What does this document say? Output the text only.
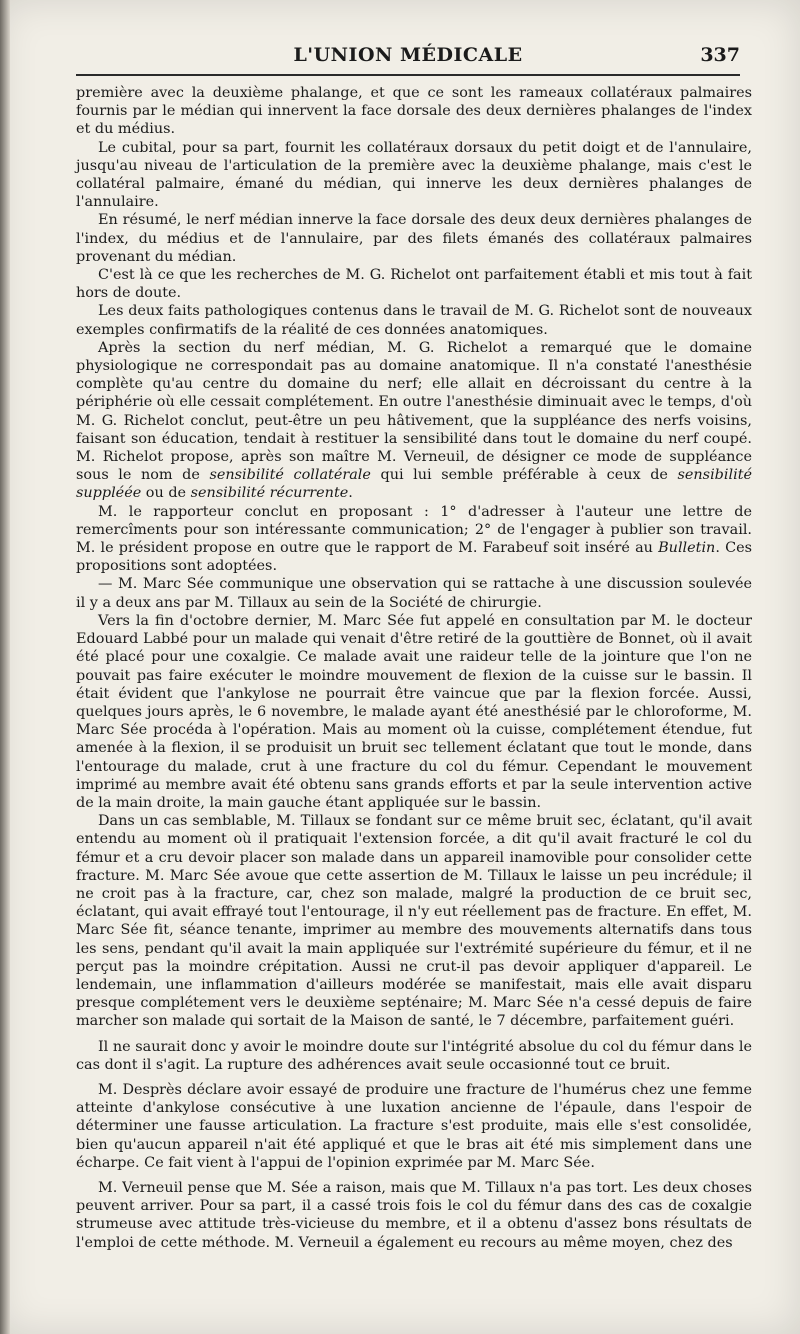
L'UNION MÉDICALE	337

première avec la deuxième phalange, et que ce sont les rameaux collatéraux palmaires fournis par le médian qui innervent la face dorsale des deux dernières phalanges de l'index et du médius.

Le cubital, pour sa part, fournit les collatéraux dorsaux du petit doigt et de l'annulaire, jusqu'au niveau de l'articulation de la première avec la deuxième phalange, mais c'est le collatéral palmaire, émané du médian, qui innerve les deux dernières phalanges de l'annulaire.

En résumé, le nerf médian innerve la face dorsale des deux deux dernières phalanges de l'index, du médius et de l'annulaire, par des filets émanés des collatéraux palmaires provenant du médian.

C'est là ce que les recherches de M. G. Richelot ont parfaitement établi et mis tout à fait hors de doute.

Les deux faits pathologiques contenus dans le travail de M. G. Richelot sont de nouveaux exemples confirmatifs de la réalité de ces données anatomiques.

Après la section du nerf médian, M. G. Richelot a remarqué que le domaine physiologique ne correspondait pas au domaine anatomique. Il n'a constaté l'anesthésie complète qu'au centre du domaine du nerf; elle allait en décroissant du centre à la périphérie où elle cessait complétement. En outre l'anesthésie diminuait avec le temps, d'où M. G. Richelot conclut, peut-être un peu hâtivement, que la suppléance des nerfs voisins, faisant son éducation, tendait à restituer la sensibilité dans tout le domaine du nerf coupé. M. Richelot propose, après son maître M. Verneuil, de désigner ce mode de suppléance sous le nom de sensibilité collatérale qui lui semble préférable à ceux de sensibilité suppléée ou de sensibilité récurrente.

M. le rapporteur conclut en proposant : 1° d'adresser à l'auteur une lettre de remercîments pour son intéressante communication; 2° de l'engager à publier son travail. M. le président propose en outre que le rapport de M. Farabeuf soit inséré au Bulletin. Ces propositions sont adoptées.

— M. Marc Sée communique une observation qui se rattache à une discussion soulevée il y a deux ans par M. Tillaux au sein de la Société de chirurgie.

Vers la fin d'octobre dernier, M. Marc Sée fut appelé en consultation par M. le docteur Edouard Labbé pour un malade qui venait d'être retiré de la gouttière de Bonnet, où il avait été placé pour une coxalgie. Ce malade avait une raideur telle de la jointure que l'on ne pouvait pas faire exécuter le moindre mouvement de flexion de la cuisse sur le bassin. Il était évident que l'ankylose ne pourrait être vaincue que par la flexion forcée. Aussi, quelques jours après, le 6 novembre, le malade ayant été anesthésié par le chloroforme, M. Marc Sée procéda à l'opération. Mais au moment où la cuisse, complétement étendue, fut amenée à la flexion, il se produisit un bruit sec tellement éclatant que tout le monde, dans l'entourage du malade, crut à une fracture du col du fémur. Cependant le mouvement imprimé au membre avait été obtenu sans grands efforts et par la seule intervention active de la main droite, la main gauche étant appliquée sur le bassin.

Dans un cas semblable, M. Tillaux se fondant sur ce même bruit sec, éclatant, qu'il avait entendu au moment où il pratiquait l'extension forcée, a dit qu'il avait fracturé le col du fémur et a cru devoir placer son malade dans un appareil inamovible pour consolider cette fracture. M. Marc Sée avoue que cette assertion de M. Tillaux le laisse un peu incrédule; il ne croit pas à la fracture, car, chez son malade, malgré la production de ce bruit sec, éclatant, qui avait effrayé tout l'entourage, il n'y eut réellement pas de fracture. En effet, M. Marc Sée fit, séance tenante, imprimer au membre des mouvements alternatifs dans tous les sens, pendant qu'il avait la main appliquée sur l'extrémité supérieure du fémur, et il ne perçut pas la moindre crépitation. Aussi ne crut-il pas devoir appliquer d'appareil. Le lendemain, une inflammation d'ailleurs modérée se manifestait, mais elle avait disparu presque complétement vers le deuxième septénaire; M. Marc Sée n'a cessé depuis de faire marcher son malade qui sortait de la Maison de santé, le 7 décembre, parfaitement guéri.

Il ne saurait donc y avoir le moindre doute sur l'intégrité absolue du col du fémur dans le cas dont il s'agit. La rupture des adhérences avait seule occasionné tout ce bruit.

M. Desprès déclare avoir essayé de produire une fracture de l'humérus chez une femme atteinte d'ankylose consécutive à une luxation ancienne de l'épaule, dans l'espoir de déterminer une fausse articulation. La fracture s'est produite, mais elle s'est consolidée, bien qu'aucun appareil n'ait été appliqué et que le bras ait été mis simplement dans une écharpe. Ce fait vient à l'appui de l'opinion exprimée par M. Marc Sée.

M. Verneuil pense que M. Sée a raison, mais que M. Tillaux n'a pas tort. Les deux choses peuvent arriver. Pour sa part, il a cassé trois fois le col du fémur dans des cas de coxalgie strumeuse avec attitude très-vicieuse du membre, et il a obtenu d'assez bons résultats de l'emploi de cette méthode. M. Verneuil a également eu recours au même moyen, chez des
